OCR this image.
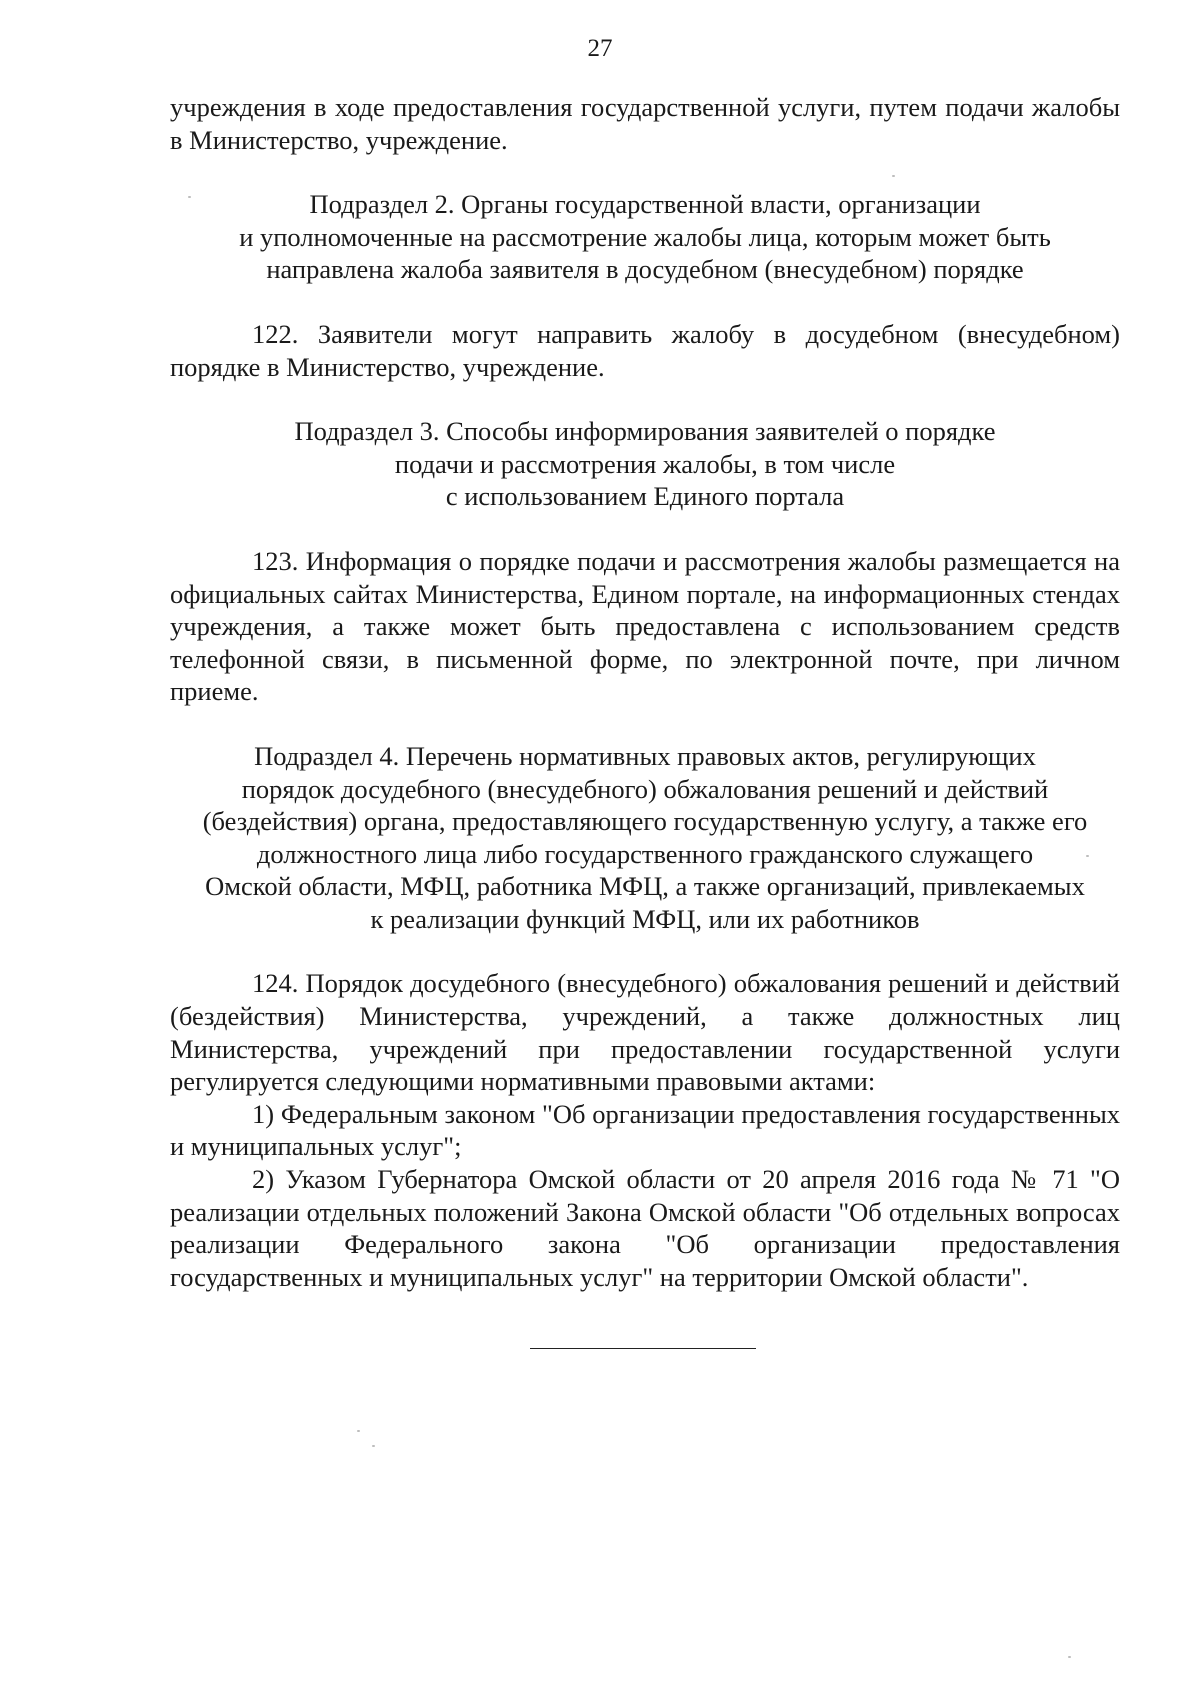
27

учреждения в ходе предоставления государственной услуги, путем подачи жалобы в Министерство, учреждение.

Подраздел 2. Органы государственной власти, организации
и уполномоченные на рассмотрение жалобы лица, которым может быть
направлена жалоба заявителя в досудебном (внесудебном) порядке

122. Заявители могут направить жалобу в досудебном (внесудебном) порядке в Министерство, учреждение.

Подраздел 3. Способы информирования заявителей о порядке
подачи и рассмотрения жалобы, в том числе
с использованием Единого портала

123. Информация о порядке подачи и рассмотрения жалобы размещается на официальных сайтах Министерства, Едином портале, на информационных стендах учреждения, а также может быть предоставлена с использованием средств телефонной связи, в письменной форме, по электронной почте, при личном приеме.

Подраздел 4. Перечень нормативных правовых актов, регулирующих
порядок досудебного (внесудебного) обжалования решений и действий
(бездействия) органа, предоставляющего государственную услугу, а также его
должностного лица либо государственного гражданского служащего
Омской области, МФЦ, работника МФЦ, а также организаций, привлекаемых
к реализации функций МФЦ, или их работников

124. Порядок досудебного (внесудебного) обжалования решений и действий (бездействия) Министерства, учреждений, а также должностных лиц Министерства, учреждений при предоставлении государственной услуги регулируется следующими нормативными правовыми актами:

1) Федеральным законом "Об организации предоставления государственных и муниципальных услуг";

2) Указом Губернатора Омской области от 20 апреля 2016 года № 71 "О реализации отдельных положений Закона Омской области "Об отдельных вопросах реализации Федерального закона "Об организации предоставления государственных и муниципальных услуг" на территории Омской области".
